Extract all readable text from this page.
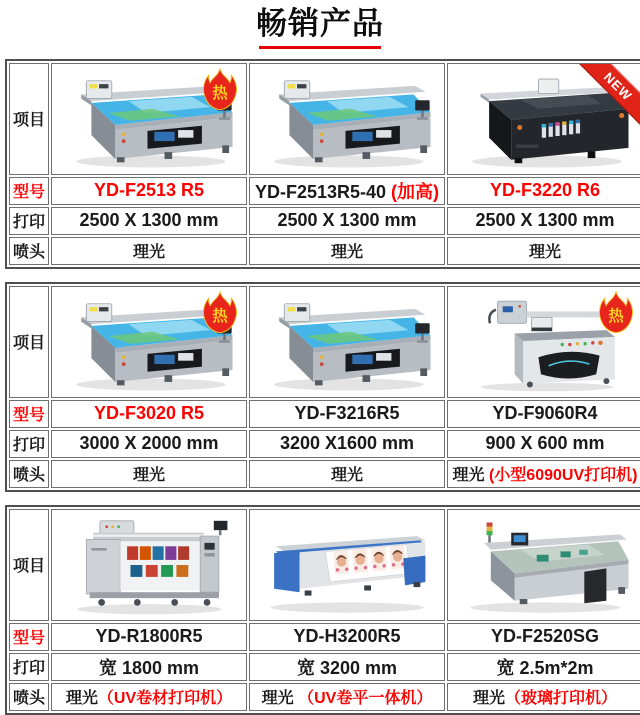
畅销产品
项目	热		NEW

型号	YD-F2513 R5	YD-F2513R5-40 (加高)	YD-F3220 R6
打印	2500 X 1300 mm	2500 X 1300 mm	2500 X 1300 mm
喷头	理光	理光	理光
项目	热		热

型号	YD-F3020 R5	YD-F3216R5	YD-F9060R4
打印	3000 X 2000 mm	3200 X1600 mm	900 X 600 mm
喷头	理光	理光	理光 (小型6090UV打印机)
项目	

型号	YD-R1800R5	YD-H3200R5	YD-F2520SG
打印	宽 1800 mm	宽 3200 mm	宽 2.5m*2m
喷头	理光（UV卷材打印机）	理光 （UV卷平一体机）	理光（玻璃打印机）
